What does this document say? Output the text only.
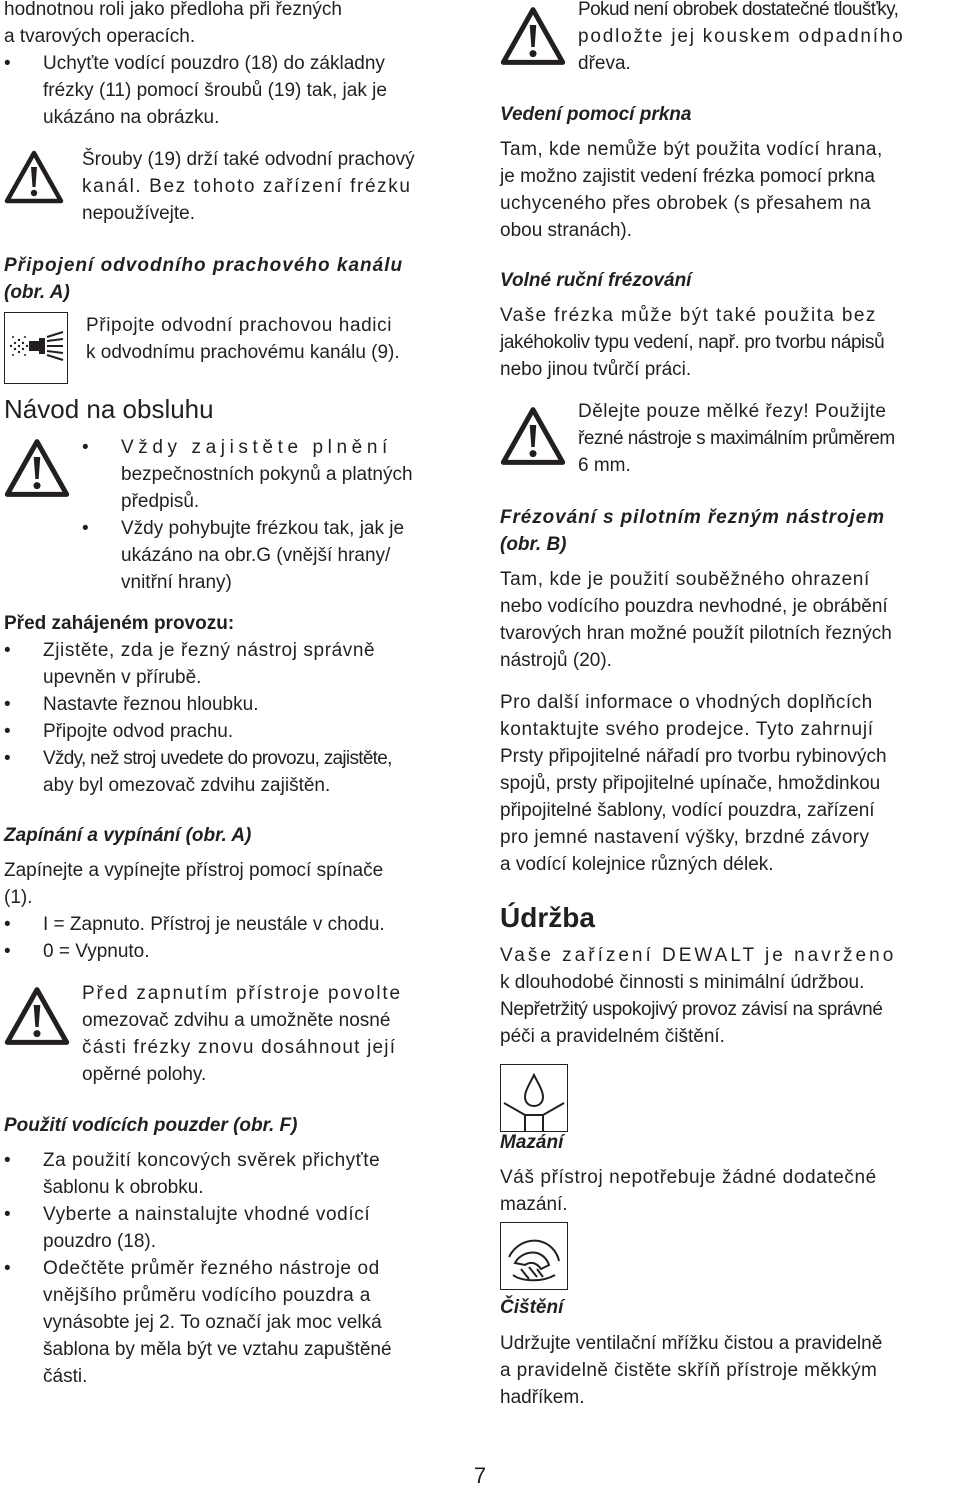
hodnotnou roli jako předloha při řezných
a tvarových operacích.

• Uchyťte vodící pouzdro (18) do základny
frézky (11) pomocí šroubů (19) tak, jak je
ukázáno na obrázku.
Šrouby (19) drží také odvodní prachový
kanál. Bez tohoto zařízení frézku
nepoužívejte.
Připojení odvodního prachového kanálu
(obr. A)
Připojte odvodní prachovou hadici
k odvodnímu prachovému kanálu (9).
Návod na obsluhu
• Vždy zajistěte plnění
bezpečnostních pokynů a platných
předpisů.
• Vždy pohybujte frézkou tak, jak je
ukázáno na obr.G (vnější hrany/
vnitřní hrany)
Před zahájeném provozu:
• Zjistěte, zda je řezný nástroj správně
upevněn v přírubě.
• Nastavte řeznou hloubku.
• Připojte odvod prachu.
• Vždy, než stroj uvedete do provozu, zajistěte,
aby byl omezovač zdvihu zajištěn.
Zapínání a vypínání (obr. A)

Zapínejte a vypínejte přístroj pomocí spínače
(1).

• I = Zapnuto. Přístroj je neustále v chodu.
• 0 = Vypnuto.
Před zapnutím přístroje povolte
omezovač zdvihu a umožněte nosné
části frézky znovu dosáhnout její
opěrné polohy.
Použití vodících pouzder (obr. F)
• Za použití koncových svěrek přichyťte
šablonu k obrobku.
• Vyberte a nainstalujte vhodné vodící
pouzdro (18).
• Odečtěte průměr řezného nástroje od
vnějšího průměru vodícího pouzdra a
vynásobte jej 2. To označí jak moc velká
šablona by měla být ve vztahu zapuštěné
části.
Pokud není obrobek dostatečné tloušťky,
podložte jej kouskem odpadního
dřeva.
Vedení pomocí prkna

Tam, kde nemůže být použita vodící hrana,
je možno zajistit vedení frézka pomocí prkna
uchyceného přes obrobek (s přesahem na
obou stranách).

Volné ruční frézování

Vaše frézka může být také použita bez
jakéhokoliv typu vedení, např. pro tvorbu nápisů
nebo jinou tvůrčí práci.

Dělejte pouze mělké řezy! Použijte
řezné nástroje s maximálním průměrem
6 mm.
Frézování s pilotním řezným nástrojem
(obr. B)

Tam, kde je použití souběžného ohrazení
nebo vodícího pouzdra nevhodné, je obrábění
tvarových hran možné použít pilotních řezných
nástrojů (20).

Pro další informace o vhodných doplňcích
kontaktujte svého prodejce. Tyto zahrnují
Prsty připojitelné nářadí pro tvorbu rybinových
spojů, prsty připojitelné upínače, hmoždinkou
připojitelné šablony, vodící pouzdra, zařízení
pro jemné nastavení výšky, brzdné závory
a vodící kolejnice různých délek.

Údržba

Vaše zařízení DEWALT je navrženo
k dlouhodobé činnosti s minimální údržbou.
Nepřetržitý uspokojivý provoz závisí na správné
péči a pravidelném čištění.

Mazání

Váš přístroj nepotřebuje žádné dodatečné
mazání.

Čištění

Udržujte ventilační mřížku čistou a pravidelně
a pravidelně čistěte skříň přístroje měkkým
hadříkem.

7
